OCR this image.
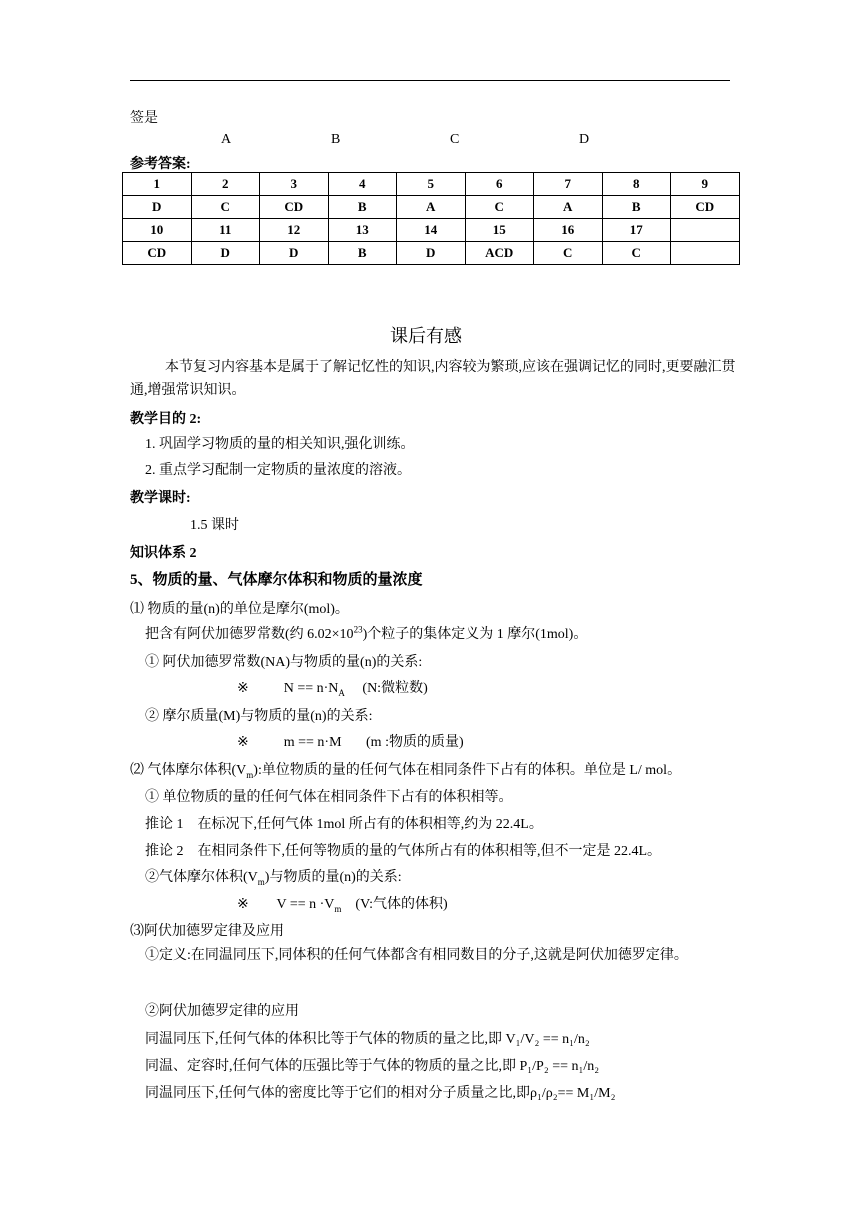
签是
A	B	C	D
参考答案:
1	2	3	4	5	6	7	8	9
D	C	CD	B	A	C	A	B	CD
10	11	12	13	14	15	16	17	
CD	D	D	B	D	ACD	C	C	
课后有感
本节复习内容基本是属于了解记忆性的知识,内容较为繁琐,应该在强调记忆的同时,更要融汇贯通,增强常识知识。
教学目的 2:
1. 巩固学习物质的量的相关知识,强化训练。
2. 重点学习配制一定物质的量浓度的溶液。
教学课时:
1.5 课时
知识体系 2
5、物质的量、气体摩尔体积和物质的量浓度
⑴ 物质的量(n)的单位是摩尔(mol)。
把含有阿伏加德罗常数(约 $6.02\times 10^{23}$)个粒子的集体定义为 1 摩尔(1mol)。
① 阿伏加德罗常数(NA)与物质的量(n)的关系:
※          $N == n\cdot N_A$     (N:微粒数)
② 摩尔质量(M)与物质的量(n)的关系:
※          m == n·M       (m :物质的质量)
⑵ 气体摩尔体积$(V_m)$:单位物质的量的任何气体在相同条件下占有的体积。单位是 L/ mol。
① 单位物质的量的任何气体在相同条件下占有的体积相等。
推论 1    在标况下,任何气体 1mol 所占有的体积相等,约为 22.4L。
推论 2    在相同条件下,任何等物质的量的气体所占有的体积相等,但不一定是 22.4L。
②气体摩尔体积$(V_m)$与物质的量(n)的关系:
※        $V == n \cdot V_m$    (V:气体的体积)
⑶阿伏加德罗定律及应用
①定义:在同温同压下,同体积的任何气体都含有相同数目的分子,这就是阿伏加德罗定律。
②阿伏加德罗定律的应用
同温同压下,任何气体的体积比等于气体的物质的量之比,即 V₁/V₂ == n₁/n₂
同温、定容时,任何气体的压强比等于气体的物质的量之比,即 P₁/P₂ == n₁/n₂
同温同压下,任何气体的密度比等于它们的相对分子质量之比,即ρ₁/ρ₂== M₁/M₂
